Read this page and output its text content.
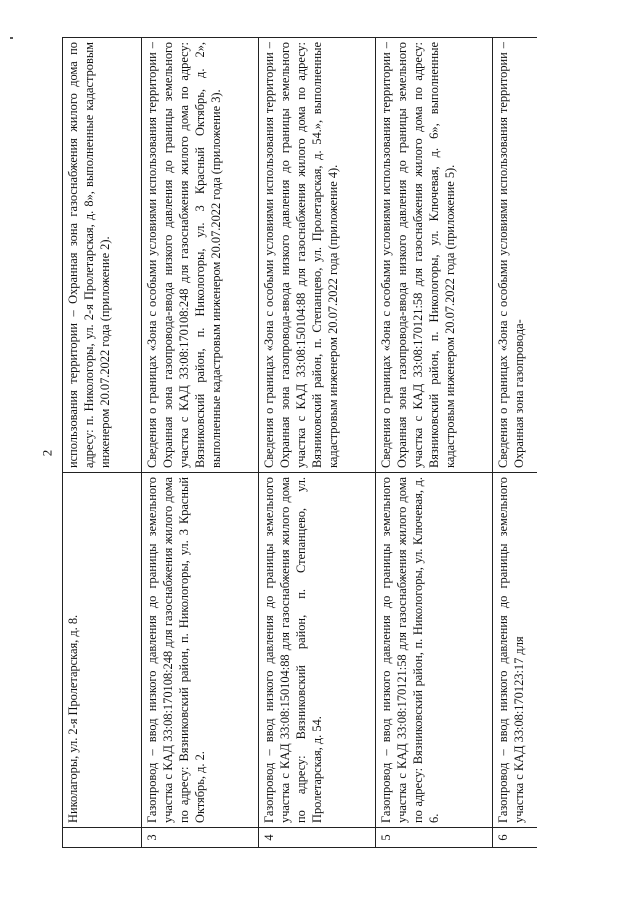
2
	Николагоры, ул. 2-я Пролетарская, д. 8.	использования территории – Охранная зона газоснабжения жилого дома по адресу: п. Никологоры, ул. 2-я Пролетарская, д. 8», выполненные кадастровым инженером 20.07.2022 года (приложение 2).
3	Газопровод – ввод низкого давления до границы земельного участка с КАД 33:08:170108:248 для газоснабжения жилого дома по адресу: Вязниковский район, п. Никологоры, ул. 3 Красный Октябрь, д. 2.	Сведения о границах «Зона с особыми условиями использования территории – Охранная зона газопровода-ввода низкого давления до границы земельного участка с КАД 33:08:170108:248 для газоснабжения жилого дома по адресу: Вязниковский район, п. Никологоры, ул. 3 Красный Октябрь, д. 2», выполненные кадастровым инженером 20.07.2022 года (приложение 3).
4	Газопровод – ввод низкого давления до границы земельного участка с КАД 33:08:150104:88 для газоснабжения жилого дома по адресу: Вязниковский район, п. Степанцево, ул. Пролетарская, д. 54.	Сведения о границах «Зона с особыми условиями использования территории – Охранная зона газопровода-ввода низкого давления до границы земельного участка с КАД 33:08:150104:88 для газоснабжения жилого дома по адресу: Вязниковский район, п. Степанцево, ул. Пролетарская, д. 54.», выполненные кадастровым инженером 20.07.2022 года (приложение 4).
5	Газопровод – ввод низкого давления до границы земельного участка с КАД 33:08:170121:58 для газоснабжения жилого дома по адресу: Вязниковский район, п. Никологоры, ул. Ключевая, д. 6.	Сведения о границах «Зона с особыми условиями использования территории – Охранная зона газопровода-ввода низкого давления до границы земельного участка с КАД 33:08:170121:58 для газоснабжения жилого дома по адресу: Вязниковский район, п. Никологоры, ул. Ключевая, д. 6», выполненные кадастровым инженером 20.07.2022 года (приложение 5).
6	Газопровод – ввод низкого давления до границы земельного участка с КАД 33:08:170123:17 для	Сведения о границах «Зона с особыми условиями использования территории – Охранная зона газопровода-
